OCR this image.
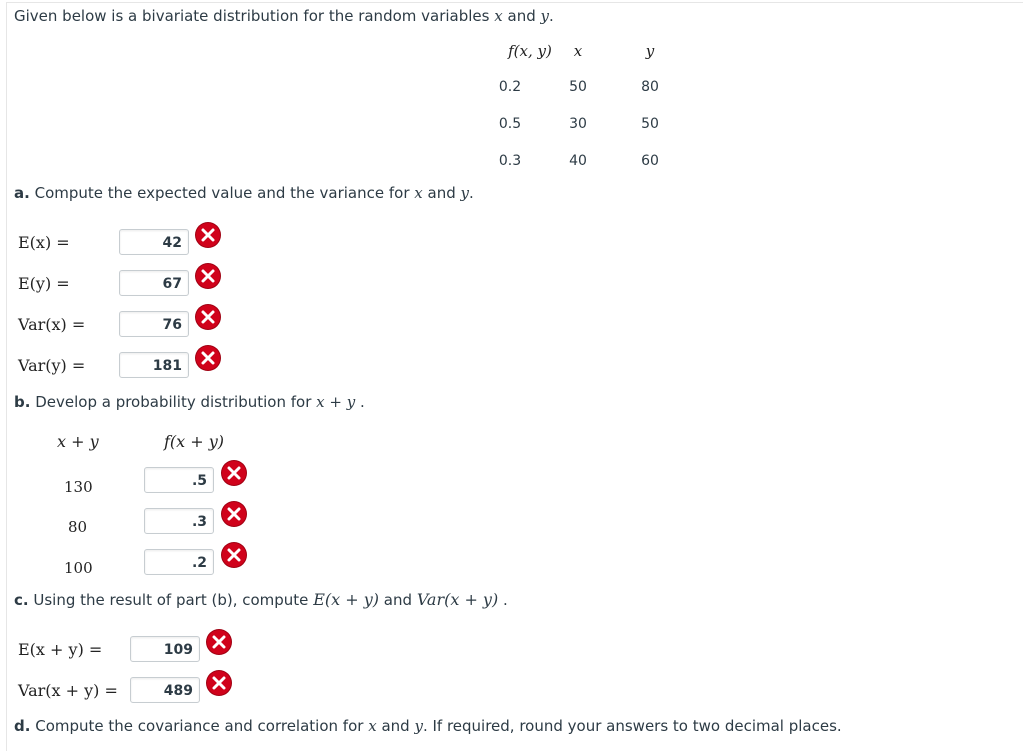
Given below is a bivariate distribution for the random variables x and y.
f(x, y)	x	y
0.2	50	80
0.5	30	50
0.3	40	60
a. Compute the expected value and the variance for x and y.
E(x) =	42
E(y) =	67
Var(x) =	76
Var(y) =	181
b. Develop a probability distribution for x + y .
x + y	f(x + y)
130	.5
80	.3
100	.2
c. Using the result of part (b), compute E(x + y) and Var(x + y) .
E(x + y) =	109
Var(x + y) =	489
d. Compute the covariance and correlation for x and y. If required, round your answers to two decimal places.
